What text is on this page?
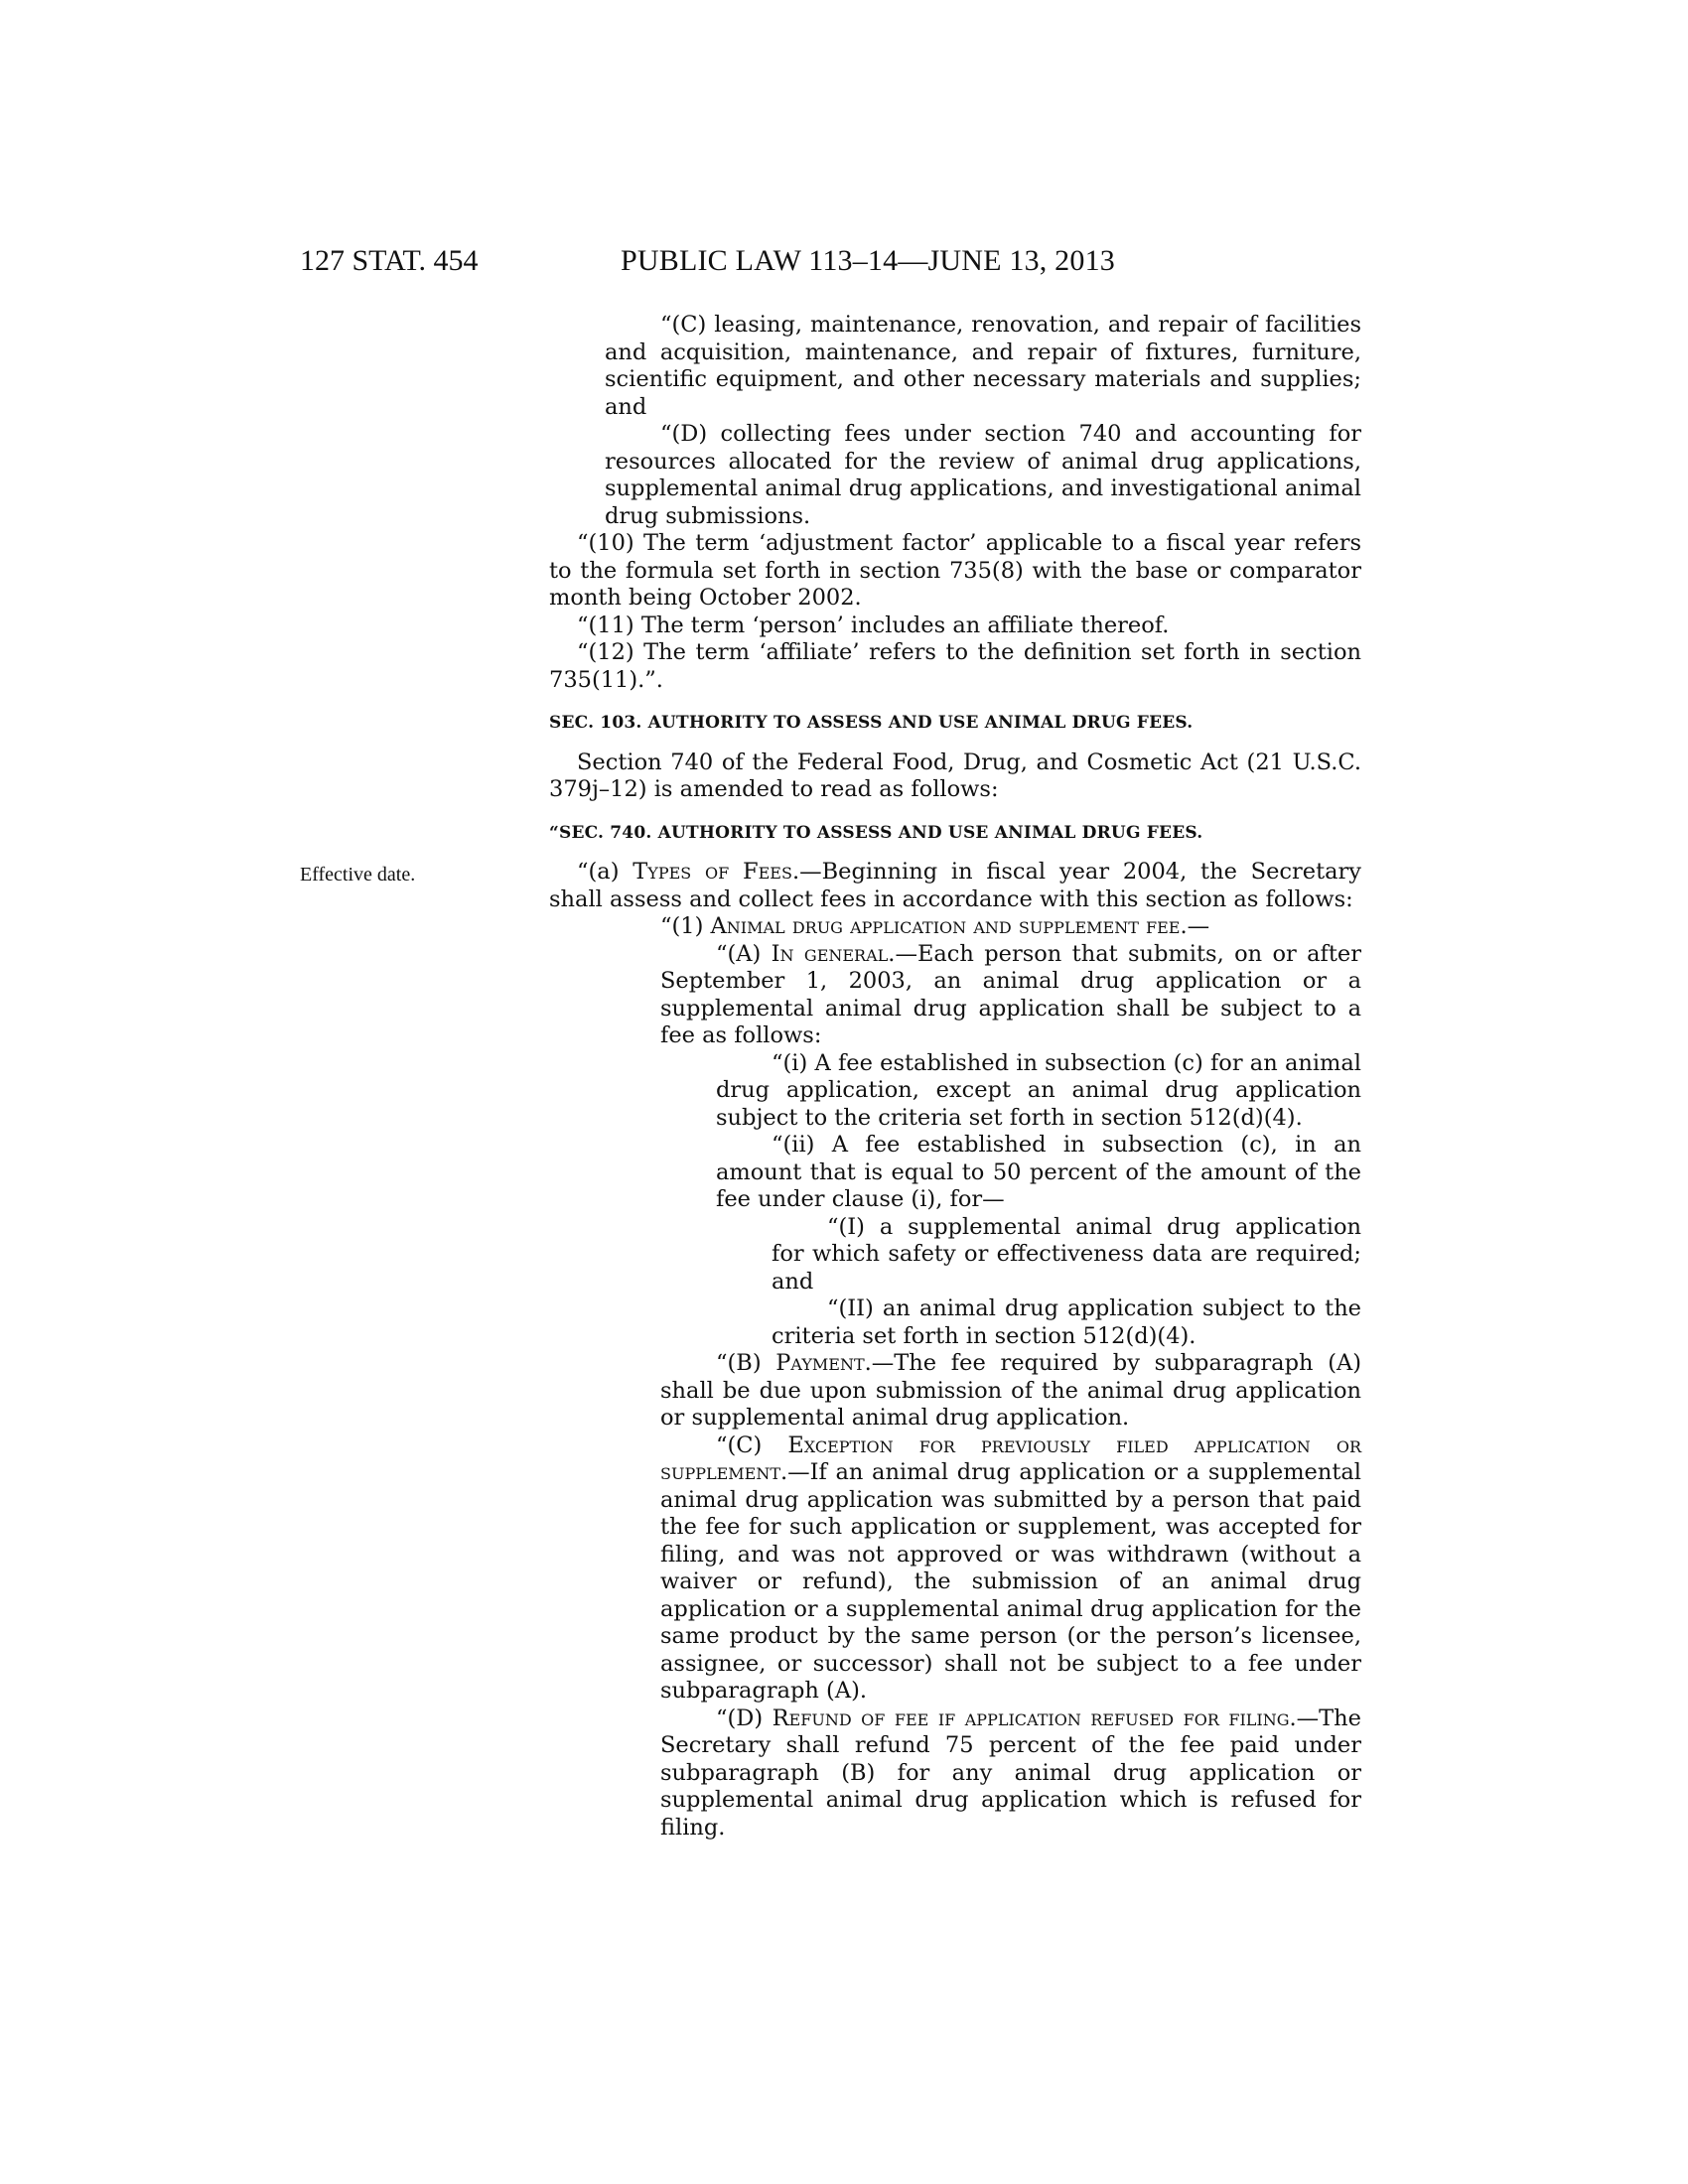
127 STAT. 454	PUBLIC LAW 113–14—JUNE 13, 2013
Effective date.

“(C) leasing, maintenance, renovation, and repair of facilities and acquisition, maintenance, and repair of fixtures, furniture, scientific equipment, and other necessary materials and supplies; and

“(D) collecting fees under section 740 and accounting for resources allocated for the review of animal drug applications, supplemental animal drug applications, and investigational animal drug submissions.

“(10) The term ‘adjustment factor’ applicable to a fiscal year refers to the formula set forth in section 735(8) with the base or comparator month being October 2002.

“(11) The term ‘person’ includes an affiliate thereof.

“(12) The term ‘affiliate’ refers to the definition set forth in section 735(11).”.

SEC. 103. AUTHORITY TO ASSESS AND USE ANIMAL DRUG FEES.

Section 740 of the Federal Food, Drug, and Cosmetic Act (21 U.S.C. 379j–12) is amended to read as follows:

“SEC. 740. AUTHORITY TO ASSESS AND USE ANIMAL DRUG FEES.

“(a) Types of Fees.—Beginning in fiscal year 2004, the Secretary shall assess and collect fees in accordance with this section as follows:

“(1) Animal drug application and supplement fee.—

“(A) In general.—Each person that submits, on or after September 1, 2003, an animal drug application or a supplemental animal drug application shall be subject to a fee as follows:

“(i) A fee established in subsection (c) for an animal drug application, except an animal drug application subject to the criteria set forth in section 512(d)(4).

“(ii) A fee established in subsection (c), in an amount that is equal to 50 percent of the amount of the fee under clause (i), for—

“(I) a supplemental animal drug application for which safety or effectiveness data are required; and

“(II) an animal drug application subject to the criteria set forth in section 512(d)(4).

“(B) Payment.—The fee required by subparagraph (A) shall be due upon submission of the animal drug application or supplemental animal drug application.

“(C) Exception for previously filed application or supplement.—If an animal drug application or a supplemental animal drug application was submitted by a person that paid the fee for such application or supplement, was accepted for filing, and was not approved or was withdrawn (without a waiver or refund), the submission of an animal drug application or a supplemental animal drug application for the same product by the same person (or the person’s licensee, assignee, or successor) shall not be subject to a fee under subparagraph (A).

“(D) Refund of fee if application refused for filing.—The Secretary shall refund 75 percent of the fee paid under subparagraph (B) for any animal drug application or supplemental animal drug application which is refused for filing.
